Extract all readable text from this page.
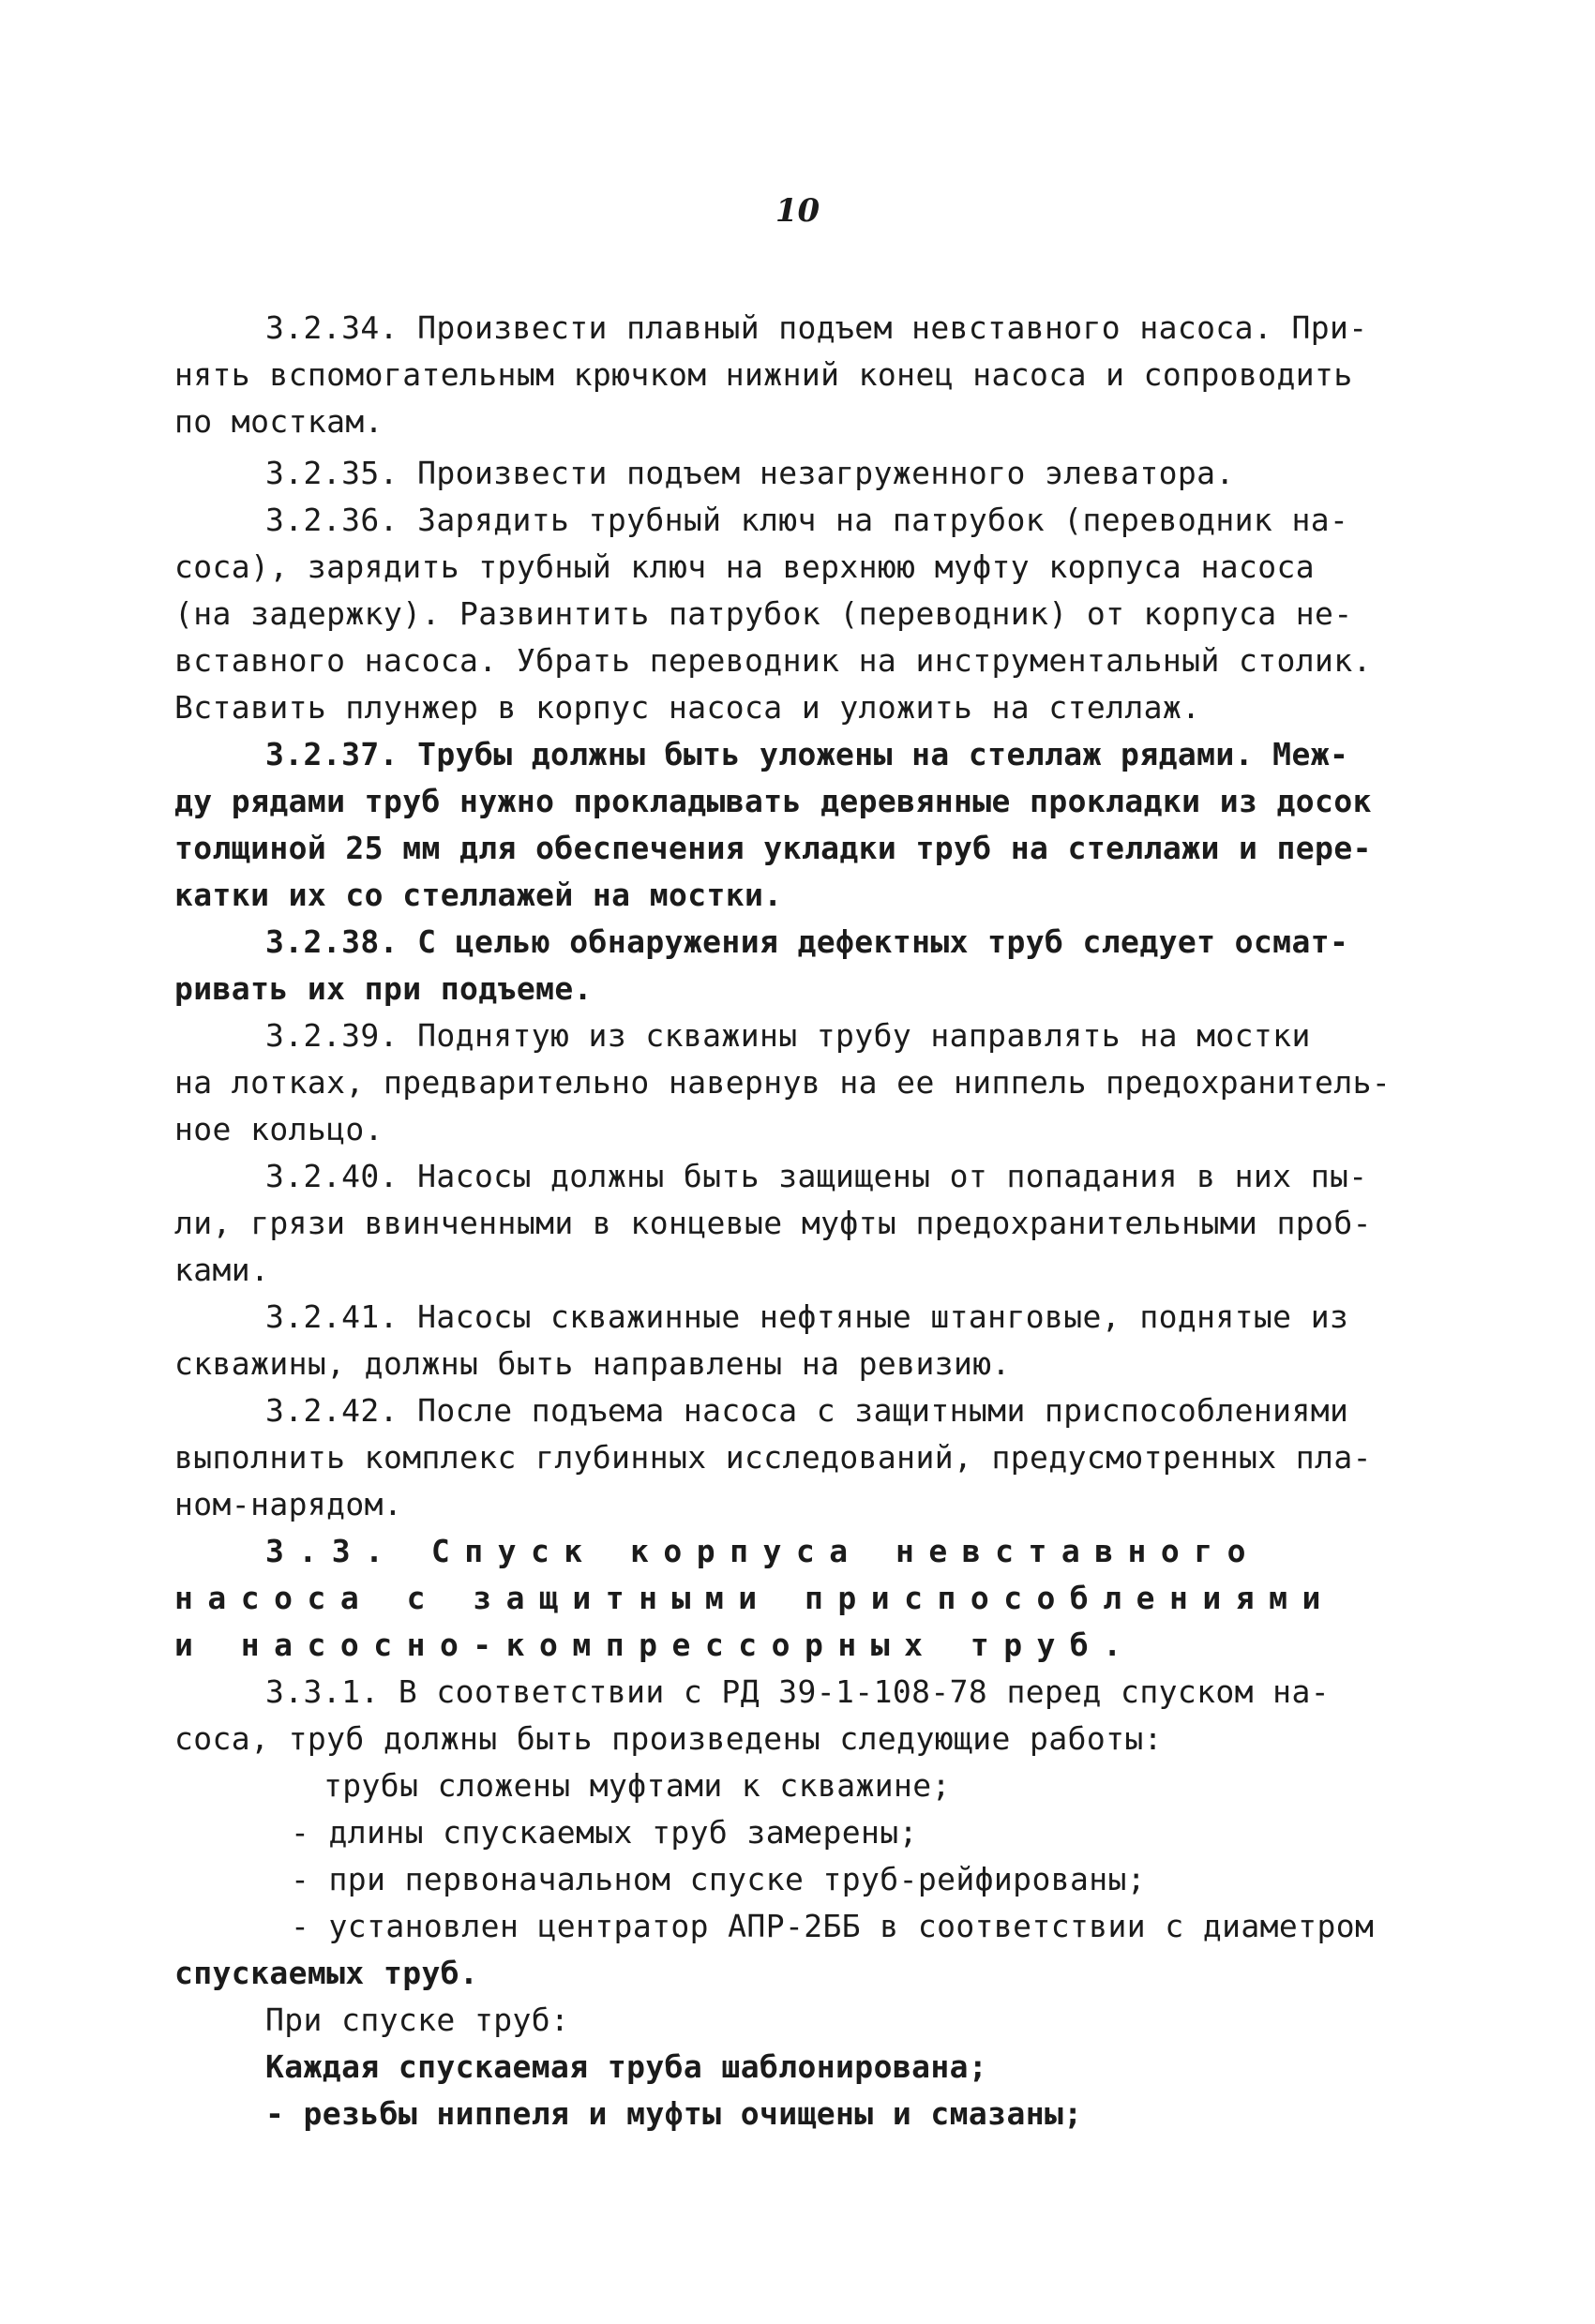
10
3.2.34. Произвести плавный подъем невставного насоса. При-
нять вспомогательным крючком нижний конец насоса и сопроводить
по мосткам.
3.2.35. Произвести подъем незагруженного элеватора.
3.2.36. Зарядить трубный ключ на патрубок (переводник на-
coca), зарядить трубный ключ на верхнюю муфту корпуса насоса
(на задержку). Развинтить патрубок (переводник) от корпуса не-
вставного насоса. Убрать переводник на инструментальный столик.
Вставить плунжер в корпус насоса и уложить на стеллаж.
3.2.37. Трубы должны быть уложены на стеллаж рядами. Меж-
ду рядами труб нужно прокладывать деревянные прокладки из досок
толщиной 25 мм для обеспечения укладки труб на стеллажи и пере-
катки их со стеллажей на мостки.
3.2.38. С целью обнаружения дефектных труб следует осмат-
ривать их при подъеме.
3.2.39. Поднятую из скважины трубу направлять на мостки
на лотках, предварительно навернув на ее ниппель предохранитель-
ное кольцо.
3.2.40. Насосы должны быть защищены от попадания в них пы-
ли, грязи ввинченными в концевые муфты предохранительными проб-
ками.
3.2.41. Насосы скважинные нефтяные штанговые, поднятые из
скважины, должны быть направлены на ревизию.
3.2.42. После подъема насоса с защитными приспособлениями
выполнить комплекс глубинных исследований, предусмотренных пла-
ном-нарядом.
3.3. Спуск корпуса невставного
насоса с защитными приспособлениями
и насосно-компрессорных труб.
3.3.1. В соответствии с РД 39-1-108-78 перед спуском на-
coca, труб должны быть произведены следующие работы:
трубы сложены муфтами к скважине;
- длины спускаемых труб замерены;
- при первоначальном спуске труб-рейфированы;
- установлен центратор АПР-2ББ в соответствии с диаметром
спускаемых труб.
При спуске труб:
Каждая спускаемая труба шаблонирована;
- резьбы ниппеля и муфты очищены и смазаны;
